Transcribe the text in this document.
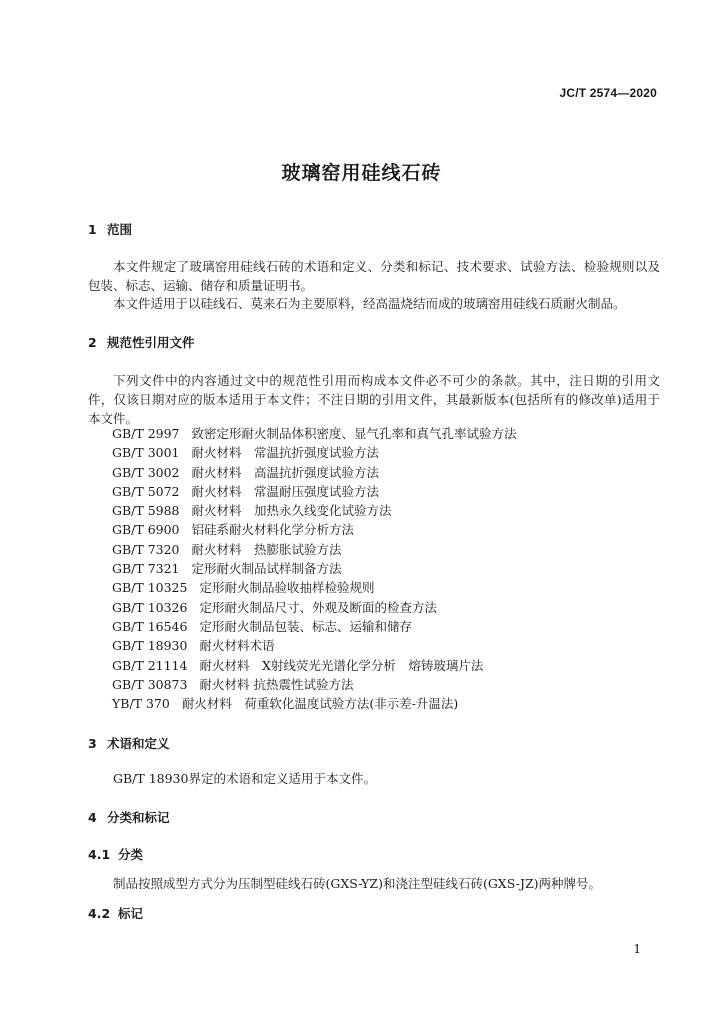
JC/T 2574—2020
玻璃窑用硅线石砖
1 范围

本文件规定了玻璃窑用硅线石砖的术语和定义、分类和标记、技术要求、试验方法、检验规则以及包装、标志、运输、储存和质量证明书。

本文件适用于以硅线石、莫来石为主要原料，经高温烧结而成的玻璃窑用硅线石质耐火制品。

2 规范性引用文件

下列文件中的内容通过文中的规范性引用而构成本文件必不可少的条款。其中，注日期的引用文件，仅该日期对应的版本适用于本文件；不注日期的引用文件，其最新版本(包括所有的修改单)适用于本文件。

GB/T 2997 致密定形耐火制品体积密度、显气孔率和真气孔率试验方法
GB/T 3001 耐火材料　常温抗折强度试验方法
GB/T 3002 耐火材料　高温抗折强度试验方法
GB/T 5072 耐火材料　常温耐压强度试验方法
GB/T 5988 耐火材料　加热永久线变化试验方法
GB/T 6900 铝硅系耐火材料化学分析方法
GB/T 7320 耐火材料　热膨胀试验方法
GB/T 7321 定形耐火制品试样制备方法
GB/T 10325 定形耐火制品验收抽样检验规则
GB/T 10326 定形耐火制品尺寸、外观及断面的检查方法
GB/T 16546 定形耐火制品包装、标志、运输和储存
GB/T 18930 耐火材料术语
GB/T 21114 耐火材料　X射线荧光光谱化学分析　熔铸玻璃片法
GB/T 30873 耐火材料 抗热震性试验方法
YB/T 370 耐火材料　荷重软化温度试验方法(非示差-升温法)
3 术语和定义

GB/T 18930界定的术语和定义适用于本文件。

4 分类和标记
4.1 分类

制品按照成型方式分为压制型硅线石砖(GXS-YZ)和浇注型硅线石砖(GXS-JZ)两种牌号。

4.2 标记
1
